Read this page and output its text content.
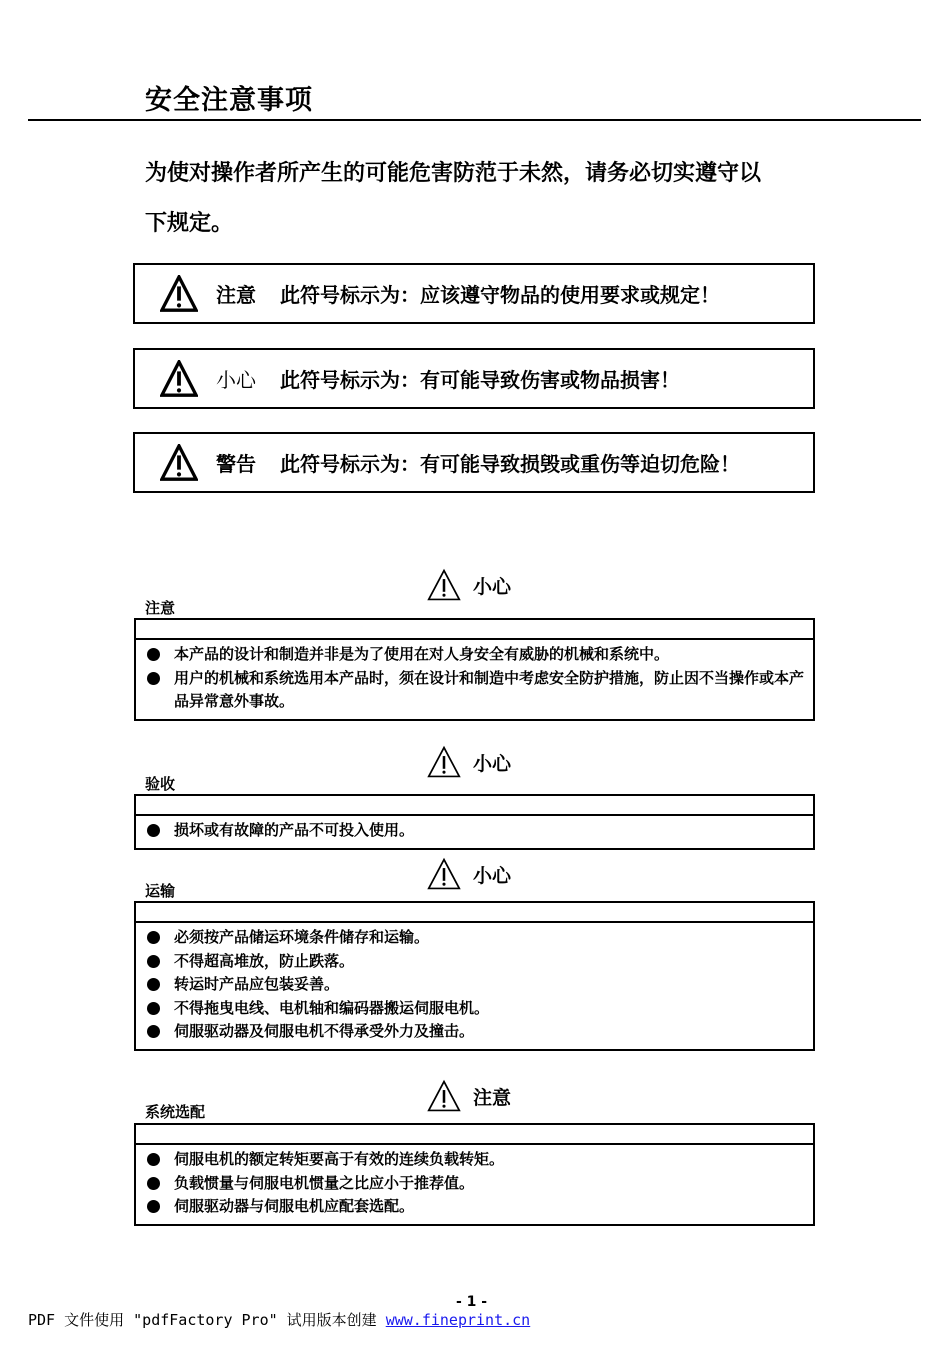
安全注意事项
为使对操作者所产生的可能危害防范于未然，请务必切实遵守以
下规定。
注意 此符号标示为：应该遵守物品的使用要求或规定！
小心 此符号标示为：有可能导致伤害或物品损害！
警告 此符号标示为：有可能导致损毁或重伤等迫切危险！
小心
注意
本产品的设计和制造并非是为了使用在对人身安全有威胁的机械和系统中。
用户的机械和系统选用本产品时，须在设计和制造中考虑安全防护措施，防止因不当操作或本产品异常意外事故。
小心
验收
损坏或有故障的产品不可投入使用。
小心
运输
必须按产品储运环境条件储存和运输。
不得超高堆放，防止跌落。
转运时产品应包装妥善。
不得拖曳电线、电机轴和编码器搬运伺服电机。
伺服驱动器及伺服电机不得承受外力及撞击。
注意
系统选配
伺服电机的额定转矩要高于有效的连续负载转矩。
负载惯量与伺服电机惯量之比应小于推荐值。
伺服驱动器与伺服电机应配套选配。
- 1 -
PDF 文件使用 "pdfFactory Pro" 试用版本创建 www.fineprint.cn
